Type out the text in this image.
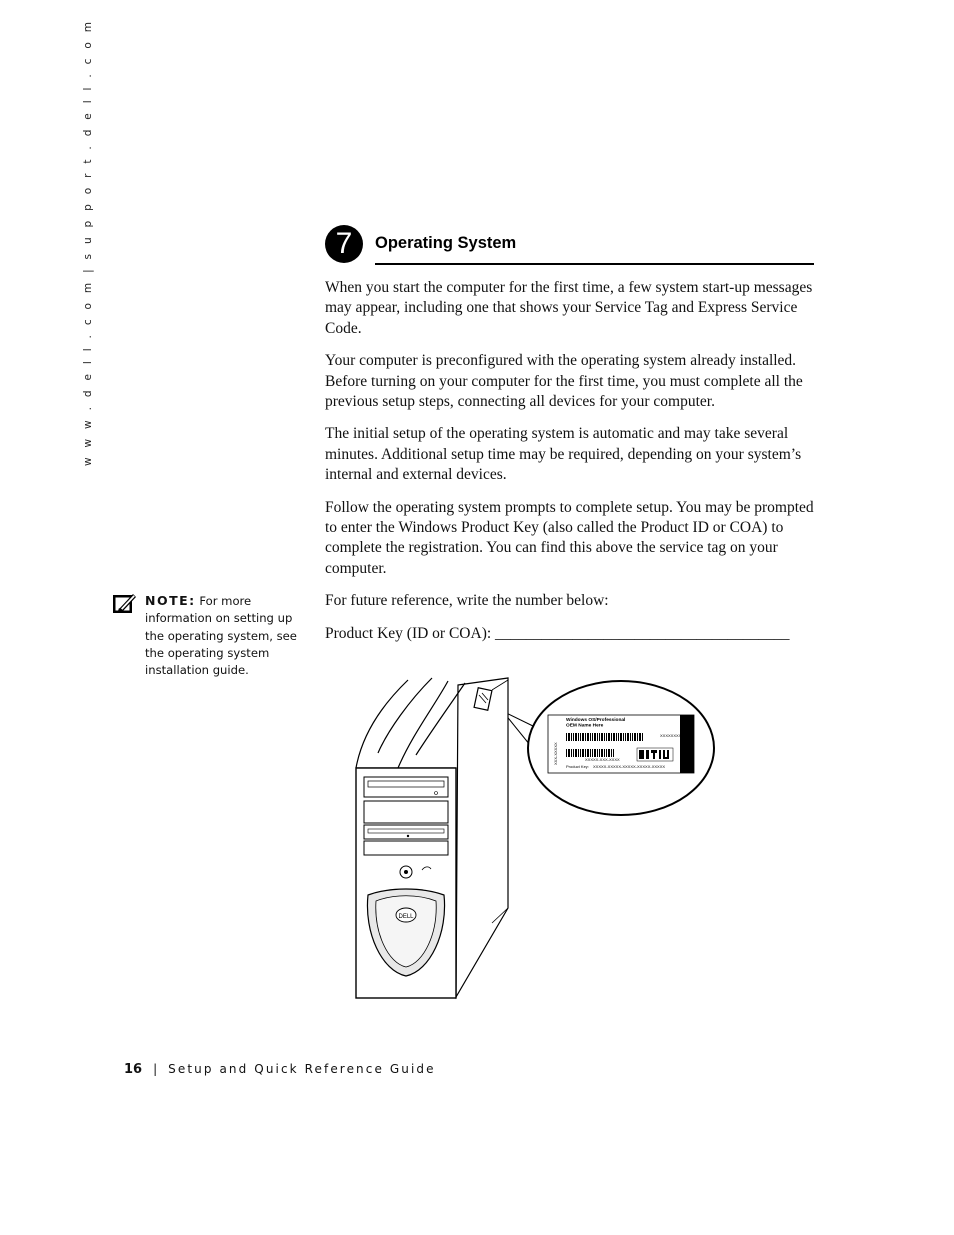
w w w . d e l l . c o m | s u p p o r t . d e l l . c o m	7	Operating System

When you start the computer for the first time, a few system start-up messages may appear, including one that shows your Service Tag and Express Service Code.

Your computer is preconfigured with the operating system already installed. Before turning on your computer for the first time, you must complete all the previous setup steps, connecting all devices for your computer.

The initial setup of the operating system is automatic and may take several minutes. Additional setup time may be required, depending on your system’s internal and external devices.

Follow the operating system prompts to complete setup. You may be prompted to enter the Windows Product Key (also called the Product ID or COA) to complete the registration. You can find this above the service tag on your computer.

For future reference, write the number below:

Product Key (ID or COA): ______________________________________

NOTE: For more information on setting up the operating system, see the operating system installation guide.
DELL
Windows OS/Professional
OEM Name Here
XXXXXXXXX
XXX-XXXXX	XXXXX-XXX-XXXX
Product Key: XXXXX-XXXXX-XXXXX-XXXXX-XXXXX
16 | Setup and Quick Reference Guide
